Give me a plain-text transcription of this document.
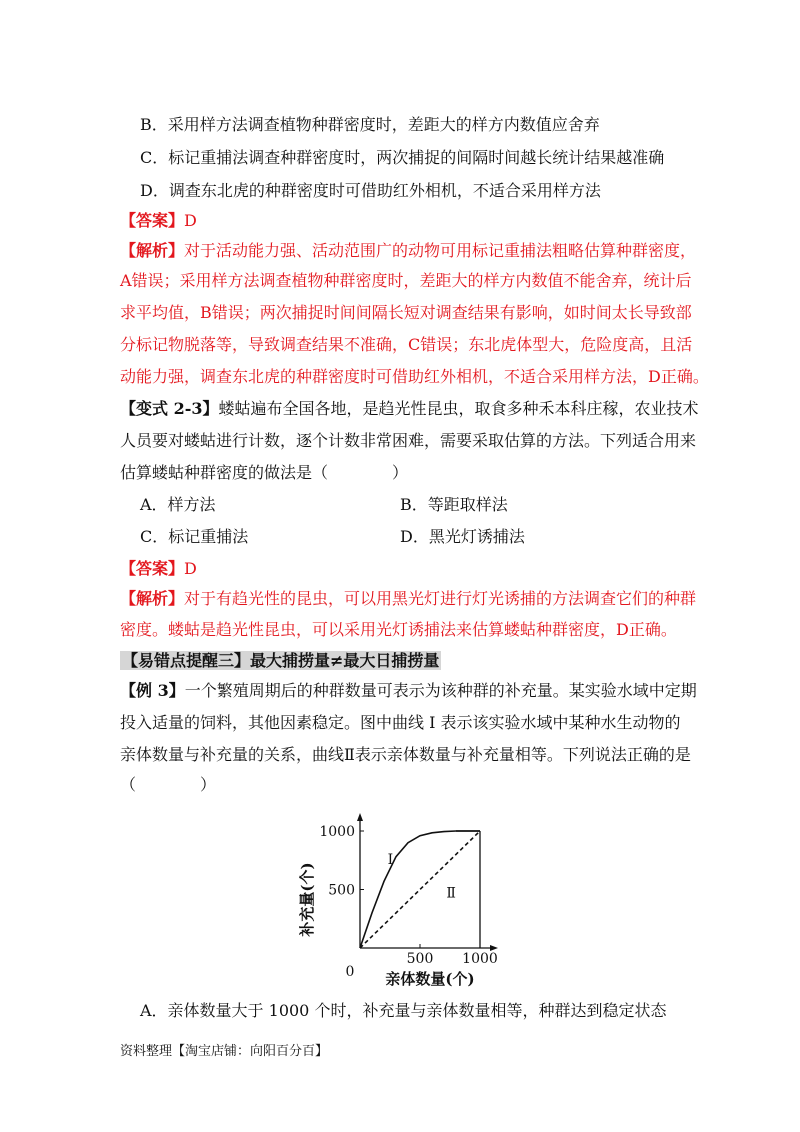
B．采用样方法调查植物种群密度时，差距大的样方内数值应舍弃
C．标记重捕法调查种群密度时，两次捕捉的间隔时间越长统计结果越准确
D．调查东北虎的种群密度时可借助红外相机，不适合采用样方法
【答案】D
【解析】对于活动能力强、活动范围广的动物可用标记重捕法粗略估算种群密度，
A错误；采用样方法调查植物种群密度时，差距大的样方内数值不能舍弃，统计后
求平均值，B错误；两次捕捉时间间隔长短对调查结果有影响，如时间太长导致部
分标记物脱落等，导致调查结果不准确，C错误；东北虎体型大，危险度高，且活
动能力强，调查东北虎的种群密度时可借助红外相机，不适合采用样方法，D正确。
【变式 2-3】蝼蛄遍布全国各地，是趋光性昆虫，取食多种禾本科庄稼，农业技术
人员要对蝼蛄进行计数，逐个计数非常困难，需要采取估算的方法。下列适合用来
估算蝼蛄种群密度的做法是（　　　　）
A．样方法	B．等距取样法
C．标记重捕法	D．黑光灯诱捕法
【答案】D
【解析】对于有趋光性的昆虫，可以用黑光灯进行灯光诱捕的方法调查它们的种群
密度。蝼蛄是趋光性昆虫，可以采用光灯诱捕法来估算蝼蛄种群密度，D正确。
【易错点提醒三】最大捕捞量≠最大日捕捞量
【例 3】一个繁殖周期后的种群数量可表示为该种群的补充量。某实验水域中定期
投入适量的饲料，其他因素稳定。图中曲线 Ⅰ 表示该实验水域中某种水生动物的
亲体数量与补充量的关系，曲线Ⅱ表示亲体数量与补充量相等。下列说法正确的是
（　　　　）
500 1000
500
1000
0 亲体数量(个)
补充量(个)
Ⅰ
Ⅱ
A．亲体数量大于 1000 个时，补充量与亲体数量相等，种群达到稳定状态
资料整理【淘宝店铺：向阳百分百】
